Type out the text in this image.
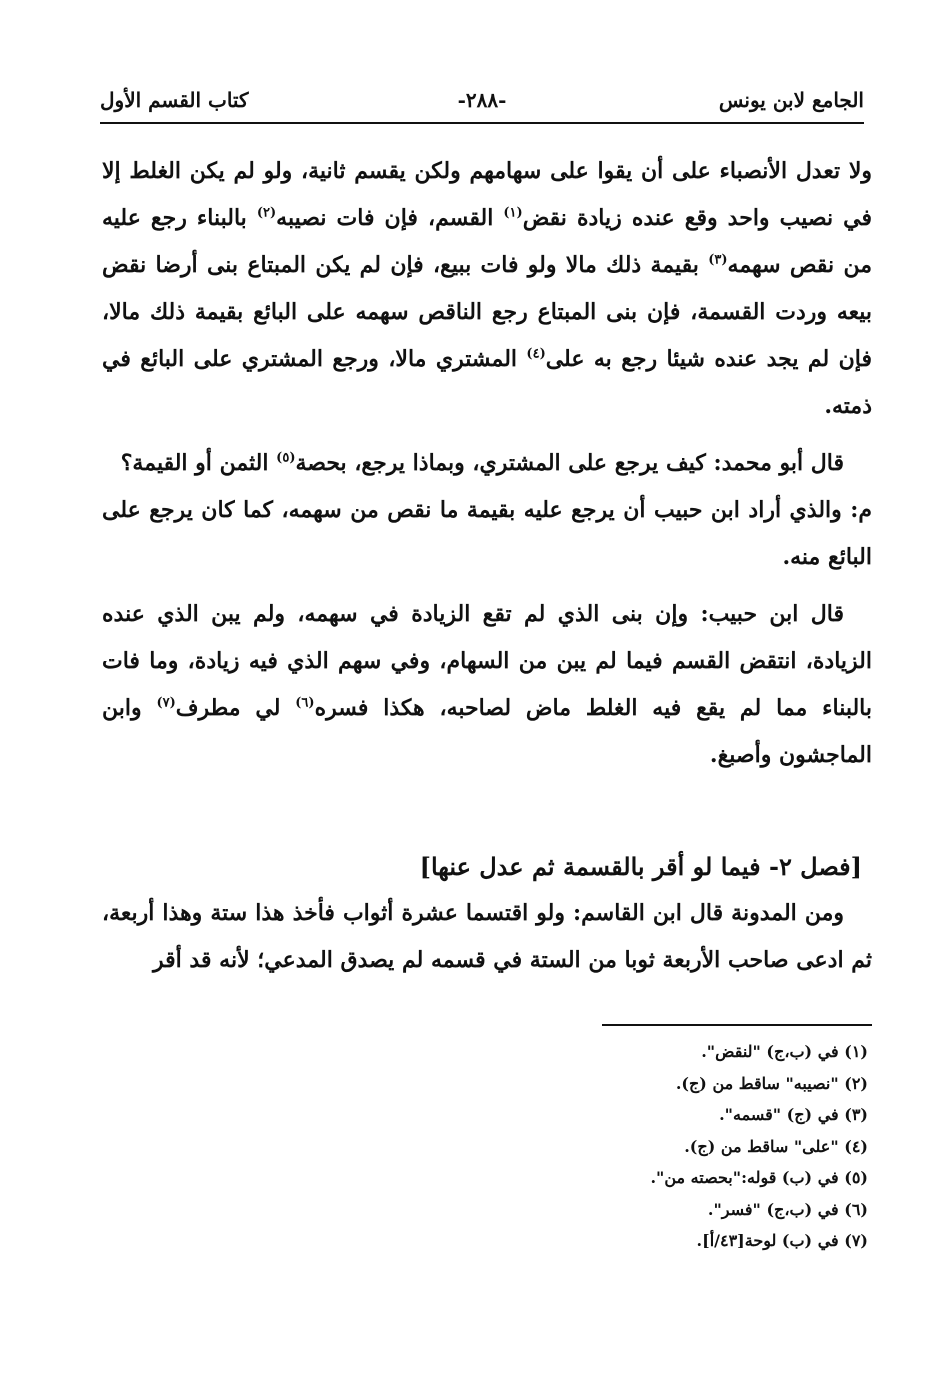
الجامع لابن يونس
-٢٨٨-
كتاب القسم الأول

ولا تعدل الأنصباء على أن يقوا على سهامهم ولكن يقسم ثانية، ولو لم يكن الغلط إلا في نصيب واحد وقع عنده زيادة نقض$^{(١)}$ القسم، فإن فات نصيبه$^{(٢)}$ بالبناء رجع عليه من نقص سهمه$^{(٣)}$ بقيمة ذلك مالا ولو فات ببيع، فإن لم يكن المبتاع بنى أرضا نقض بيعه وردت القسمة، فإن بنى المبتاع رجع الناقص سهمه على البائع بقيمة ذلك مالا، فإن لم يجد عنده شيئا رجع به على$^{(٤)}$ المشتري مالا، ورجع المشتري على البائع في ذمته.

قال أبو محمد: كيف يرجع على المشتري، وبماذا يرجع، بحصة$^{(٥)}$ الثمن أو القيمة؟

م: والذي أراد ابن حبيب أن يرجع عليه بقيمة ما نقص من سهمه، كما كان يرجع على البائع منه.

قال ابن حبيب: وإن بنى الذي لم تقع الزيادة في سهمه، ولم يبن الذي عنده الزيادة، انتقض القسم فيما لم يبن من السهام، وفي سهم الذي فيه زيادة، وما فات بالبناء مما لم يقع فيه الغلط ماض لصاحبه، هكذا فسره$^{(٦)}$ لي مطرف$^{(٧)}$ وابن الماجشون وأصبغ.

[فصل ٢- فيما لو أقر بالقسمة ثم عدل عنها]

ومن المدونة قال ابن القاسم: ولو اقتسما عشرة أثواب فأخذ هذا ستة وهذا أربعة، ثم ادعى صاحب الأربعة ثوبا من الستة في قسمه لم يصدق المدعي؛ لأنه قد أقر

(١) في (ب،ج) "لنقض".
(٢) "نصيبه" ساقط من (ج).
(٣) في (ج) "قسمه".
(٤) "على" ساقط من (ج).
(٥) في (ب) قوله:"بحصته من".
(٦) في (ب،ج) "فسر".
(٧) في (ب) لوحة[٤٣/أ].
